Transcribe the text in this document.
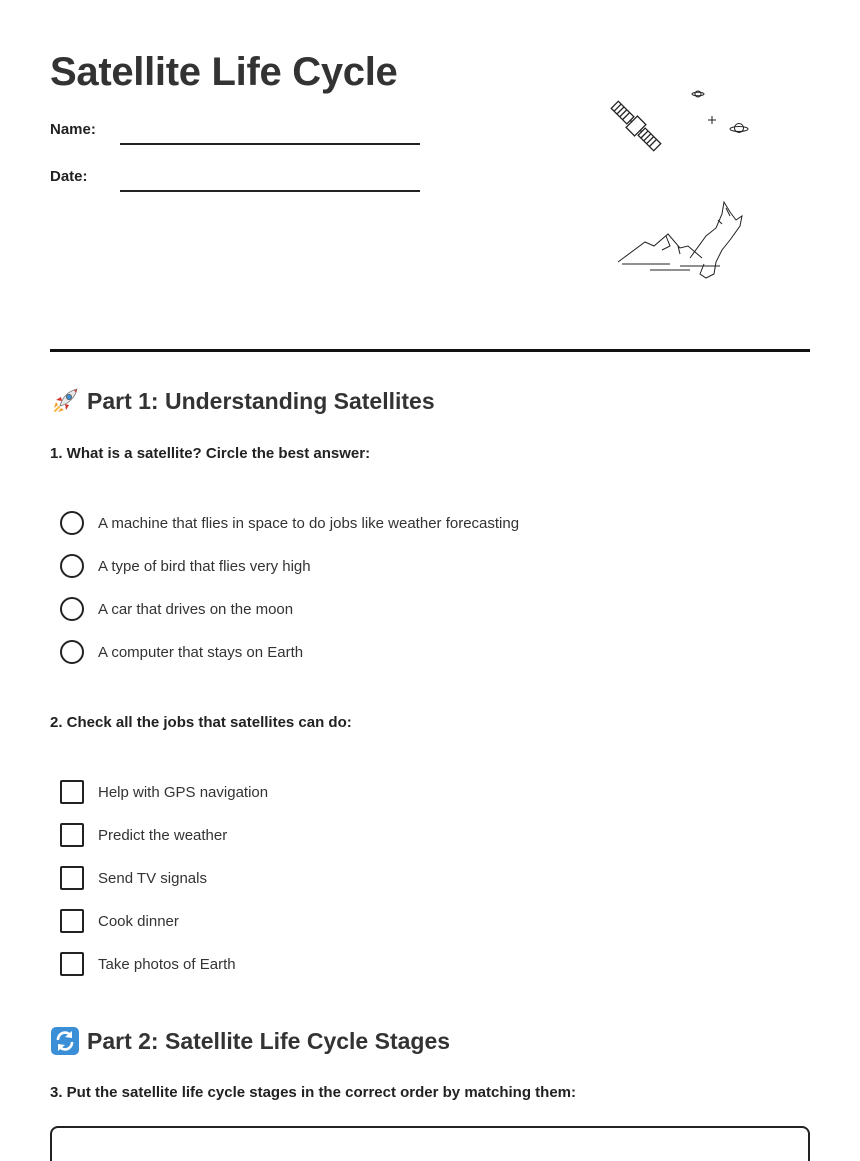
Satellite Life Cycle
Name:
Date:
Part 1: Understanding Satellites
1. What is a satellite? Circle the best answer:
A machine that flies in space to do jobs like weather forecasting
A type of bird that flies very high
A car that drives on the moon
A computer that stays on Earth
2. Check all the jobs that satellites can do:
Help with GPS navigation
Predict the weather
Send TV signals
Cook dinner
Take photos of Earth
Part 2: Satellite Life Cycle Stages
3. Put the satellite life cycle stages in the correct order by matching them:
